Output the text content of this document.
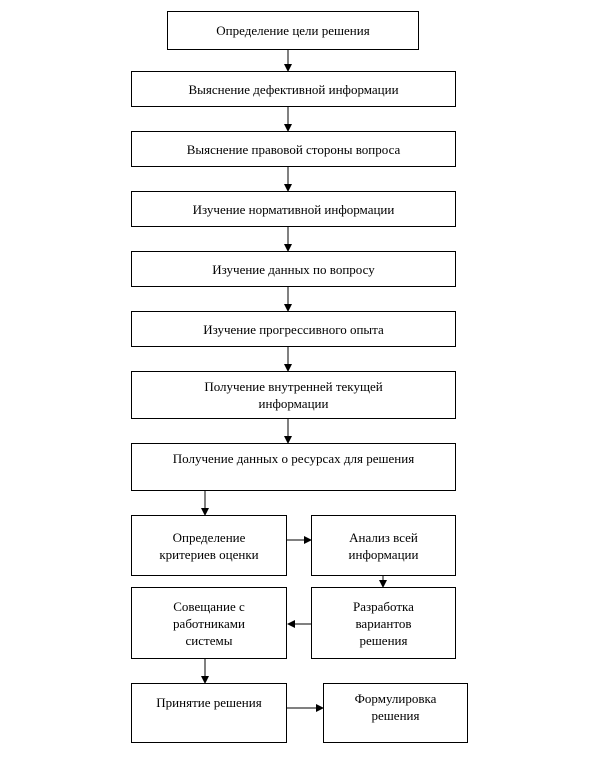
Определение цели решения
Выяснение дефективной информации
Выяснение правовой стороны вопроса
Изучение нормативной информации
Изучение данных по вопросу
Изучение прогрессивного опыта
Получение внутренней текущей информации
Получение данных о ресурсах для решения
Определение критериев оценки
Анализ всей информации
Совещание с работниками системы
Разработка вариантов решения
Принятие решения	Формулировка решения
